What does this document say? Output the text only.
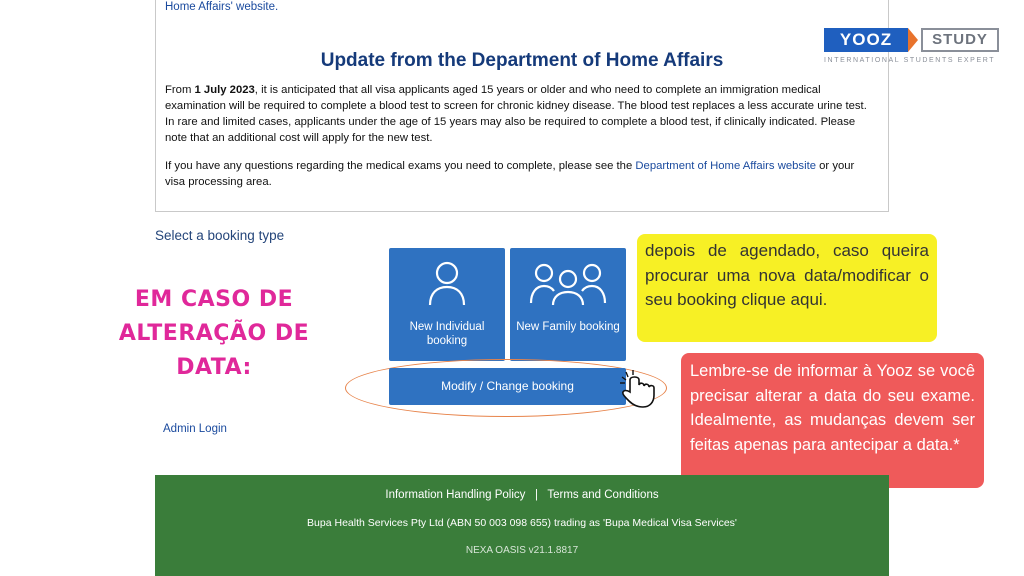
Home Affairs' website.
Update from the Department of Home Affairs

From 1 July 2023, it is anticipated that all visa applicants aged 15 years or older and who need to complete an immigration medical examination will be required to complete a blood test to screen for chronic kidney disease. The blood test replaces a less accurate urine test. In rare and limited cases, applicants under the age of 15 years may also be required to complete a blood test, if clinically indicated. Please note that an additional cost will apply for the new test.

If you have any questions regarding the medical exams you need to complete, please see the Department of Home Affairs website or your visa processing area.

YOOZ	STUDY
INTERNATIONAL STUDENTS EXPERT
Select a booking type
EM CASO DE ALTERAÇÃO DE DATA:
New Individual booking
New Family booking
Modify / Change booking
Admin Login
depois de agendado, caso queira procurar uma nova data/modificar o seu booking clique aqui.
Lembre-se de informar à Yooz se você precisar alterar a data do seu exame. Idealmente, as mudanças devem ser feitas apenas para antecipar a data.*
Information Handling Policy | Terms and Conditions
Bupa Health Services Pty Ltd (ABN 50 003 098 655) trading as 'Bupa Medical Visa Services'
NEXA OASIS v21.1.8817
